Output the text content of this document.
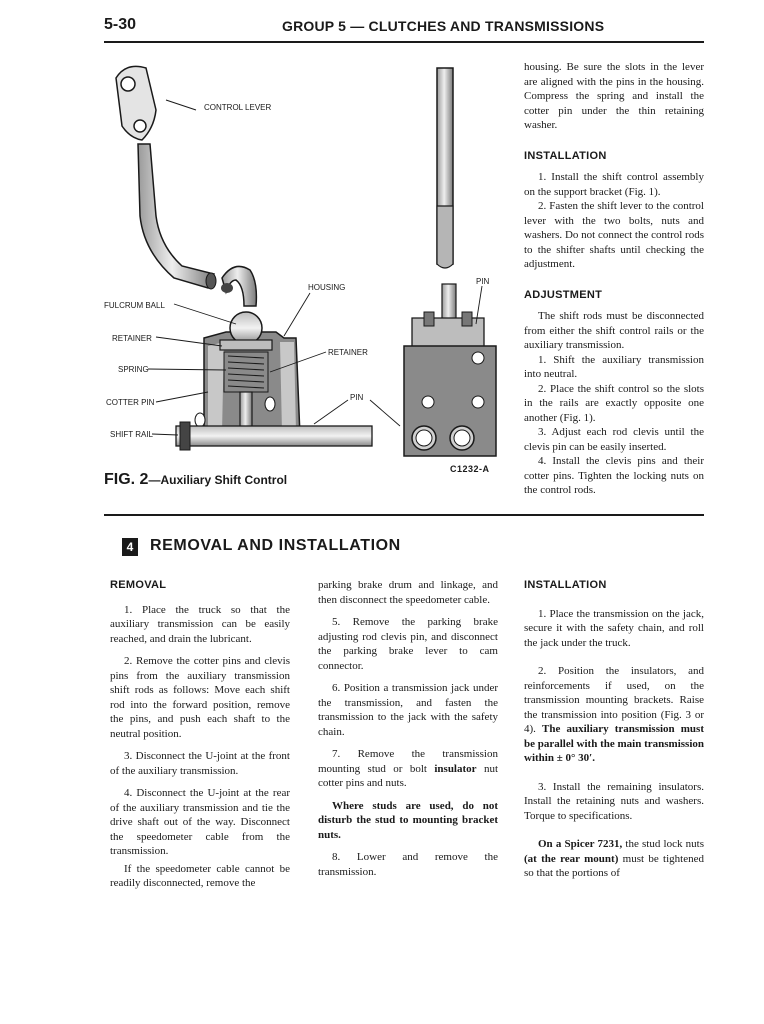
5-30	GROUP 5 — CLUTCHES AND TRANSMISSIONS
CONTROL LEVER
FULCRUM BALL
RETAINER
SPRING
COTTER PIN
SHIFT RAIL
HOUSING
RETAINER
PIN
PIN
C1232-A
FIG. 2—Auxiliary Shift Control

housing. Be sure the slots in the lever are aligned with the pins in the housing. Compress the spring and install the cotter pin under the thin retaining washer.

INSTALLATION

1. Install the shift control assembly on the support bracket (Fig. 1).

2. Fasten the shift lever to the control lever with the two bolts, nuts and washers. Do not connect the control rods to the shifter shafts until checking the adjustment.

ADJUSTMENT

The shift rods must be disconnected from either the shift control rails or the auxiliary transmission.

1. Shift the auxiliary transmission into neutral.

2. Place the shift control so the slots in the rails are exactly opposite one another (Fig. 1).

3. Adjust each rod clevis until the clevis pin can be easily inserted.

4. Install the clevis pins and their cotter pins. Tighten the locking nuts on the control rods.

4 REMOVAL AND INSTALLATION
REMOVAL

1. Place the truck so that the auxiliary transmission can be easily reached, and drain the lubricant.

2. Remove the cotter pins and clevis pins from the auxiliary transmission shift rods as follows: Move each shift rod into the forward position, remove the pins, and push each shaft to the neutral position.

3. Disconnect the U-joint at the front of the auxiliary transmission.

4. Disconnect the U-joint at the rear of the auxiliary transmission and tie the drive shaft out of the way. Disconnect the speedometer cable from the transmission.

If the speedometer cable cannot be readily disconnected, remove the

parking brake drum and linkage, and then disconnect the speedometer cable.

5. Remove the parking brake adjusting rod clevis pin, and disconnect the parking brake lever to cam connector.

6. Position a transmission jack under the transmission, and fasten the transmission to the jack with the safety chain.

7. Remove the transmission mounting stud or bolt insulator nut cotter pins and nuts.

Where studs are used, do not disturb the stud to mounting bracket nuts.

8. Lower and remove the transmission.

INSTALLATION

1. Place the transmission on the jack, secure it with the safety chain, and roll the jack under the truck.

2. Position the insulators, and reinforcements if used, on the transmission mounting brackets. Raise the transmission into position (Fig. 3 or 4). The auxiliary transmission must be parallel with the main transmission within ± 0° 30′.

3. Install the remaining insulators. Install the retaining nuts and washers. Torque to specifications.

On a Spicer 7231, the stud lock nuts (at the rear mount) must be tightened so that the portions of
